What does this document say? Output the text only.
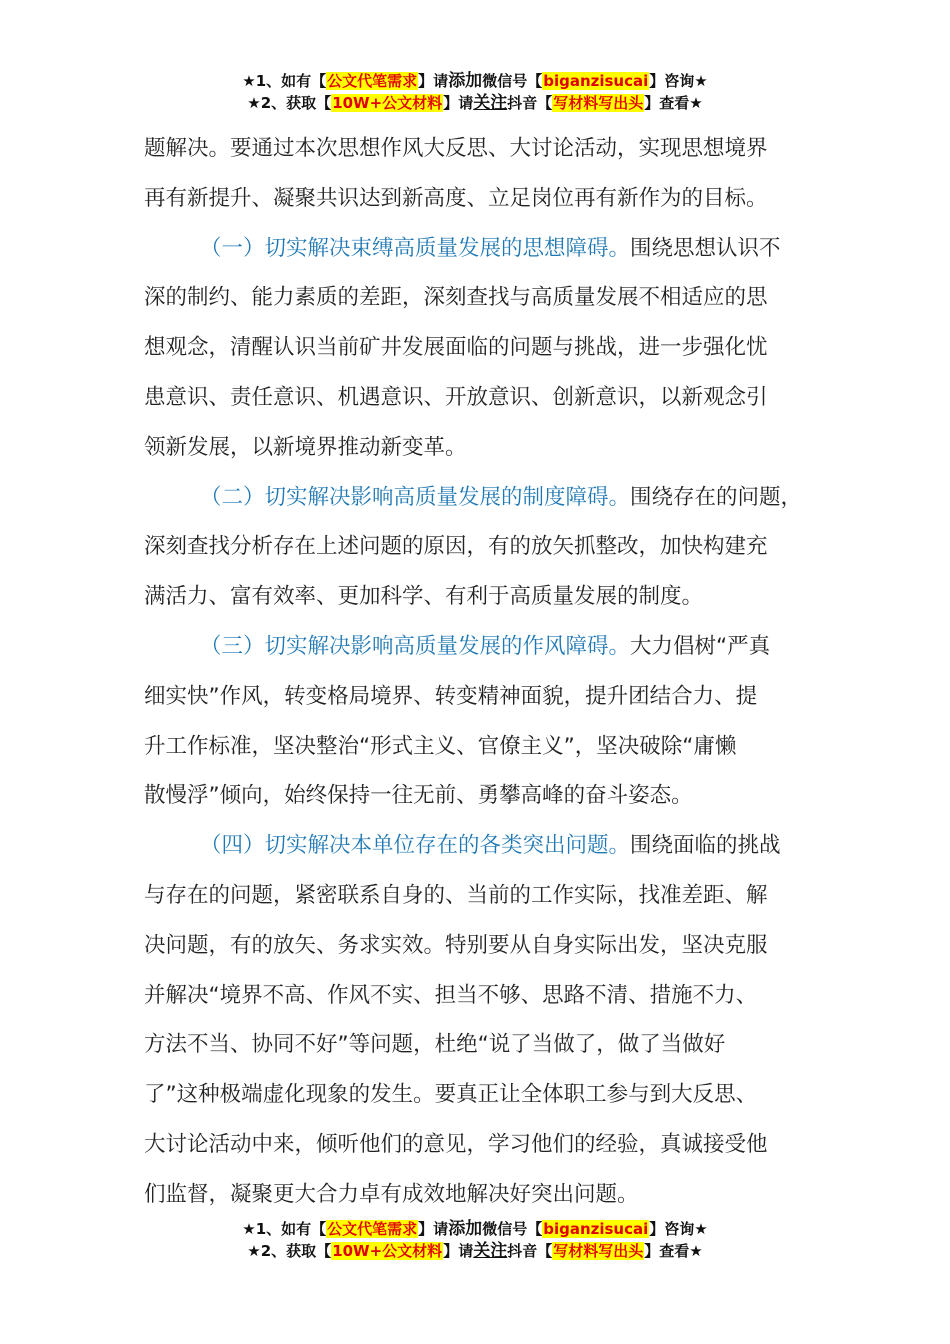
★1、如有【公文代笔需求】请添加微信号【biganzisucai】咨询★
★2、获取【10W+公文材料】请关注抖音【写材料写出头】查看★
题解决。要通过本次思想作风大反思、大讨论活动，实现思想境界
再有新提升、凝聚共识达到新高度、立足岗位再有新作为的目标。
（一）切实解决束缚高质量发展的思想障碍。围绕思想认识不
深的制约、能力素质的差距，深刻查找与高质量发展不相适应的思
想观念，清醒认识当前矿井发展面临的问题与挑战，进一步强化忧
患意识、责任意识、机遇意识、开放意识、创新意识，以新观念引
领新发展，以新境界推动新变革。
（二）切实解决影响高质量发展的制度障碍。围绕存在的问题，
深刻查找分析存在上述问题的原因，有的放矢抓整改，加快构建充
满活力、富有效率、更加科学、有利于高质量发展的制度。
（三）切实解决影响高质量发展的作风障碍。大力倡树“严真
细实快”作风，转变格局境界、转变精神面貌，提升团结合力、提
升工作标准，坚决整治“形式主义、官僚主义”，坚决破除“庸懒
散慢浮”倾向，始终保持一往无前、勇攀高峰的奋斗姿态。
（四）切实解决本单位存在的各类突出问题。围绕面临的挑战
与存在的问题，紧密联系自身的、当前的工作实际，找准差距、解
决问题，有的放矢、务求实效。特别要从自身实际出发，坚决克服
并解决“境界不高、作风不实、担当不够、思路不清、措施不力、
方法不当、协同不好”等问题，杜绝“说了当做了，做了当做好
了”这种极端虚化现象的发生。要真正让全体职工参与到大反思、
大讨论活动中来，倾听他们的意见，学习他们的经验，真诚接受他
们监督，凝聚更大合力卓有成效地解决好突出问题。
★1、如有【公文代笔需求】请添加微信号【biganzisucai】咨询★
★2、获取【10W+公文材料】请关注抖音【写材料写出头】查看★
